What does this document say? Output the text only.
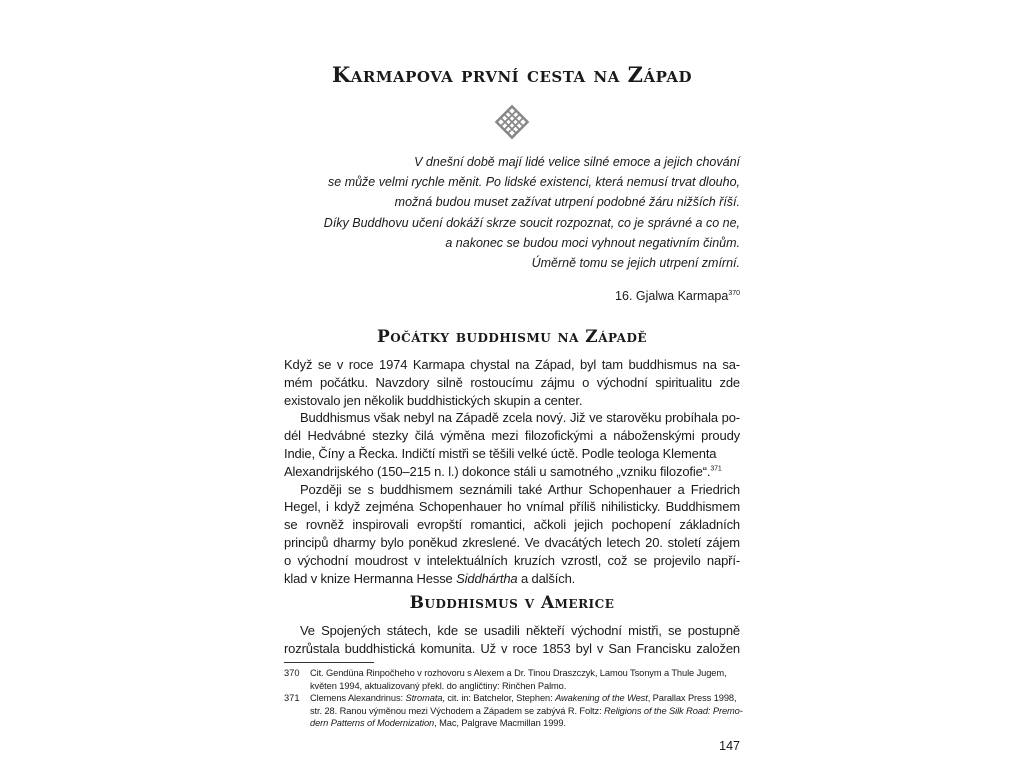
Karmapova první cesta na Západ
V dnešní době mají lidé velice silné emoce a jejich chování
se může velmi rychle měnit. Po lidské existenci, která nemusí trvat dlouho,
možná budou muset zažívat utrpení podobné žáru nižších říší.
Díky Buddhovu učení dokáží skrze soucit rozpoznat, co je správné a co ne,
a nakonec se budou moci vyhnout negativním činům.
Úměrně tomu se jejich utrpení zmírní.
16. Gjalwa Karmapa$^{370}$
Počátky buddhismu na Západě
Když se v roce 1974 Karmapa chystal na Západ, byl tam buddhismus na sa-
mém počátku. Navzdory silně rostoucímu zájmu o východní spiritualitu zde
existovalo jen několik buddhistických skupin a center.
Buddhismus však nebyl na Západě zcela nový. Již ve starověku probíhala po-
dél Hedvábné stezky čilá výměna mezi filozofickými a náboženskými proudy
Indie, Číny a Řecka. Indičtí mistři se těšili velké úctě. Podle teologa Klementa
Alexandrijského (150–215 n. l.) dokonce stáli u samotného „vzniku filozofie“.$^{371}$
Později se s buddhismem seznámili také Arthur Schopenhauer a Friedrich
Hegel, i když zejména Schopenhauer ho vnímal příliš nihilisticky. Buddhismem
se rovněž inspirovali evropští romantici, ačkoli jejich pochopení základních
principů dharmy bylo poněkud zkreslené. Ve dvacátých letech 20. století zájem
o východní moudrost v intelektuálních kruzích vzrostl, což se projevilo napří-
klad v knize Hermanna Hesse Siddhártha a dalších.
Buddhismus v Americe
Ve Spojených státech, kde se usadili někteří východní mistři, se postupně
rozrůstala buddhistická komunita. Už v roce 1853 byl v San Francisku založen
370	Cit. Gendüna Rinpočheho v rozhovoru s Alexem a Dr. Tinou Draszczyk, Lamou Tsonym a Thule Jugem,
květen 1994, aktualizovaný překl. do angličtiny: Rinčhen Palmo.
371	Clemens Alexandrinus: Stromata, cit. in: Batchelor, Stephen: Awakening of the West, Parallax Press 1998,
str. 28. Ranou výměnou mezi Východem a Západem se zabývá R. Foltz: Religions of the Silk Road: Premo-
dern Patterns of Modernization, Mac, Palgrave Macmillan 1999.
147
